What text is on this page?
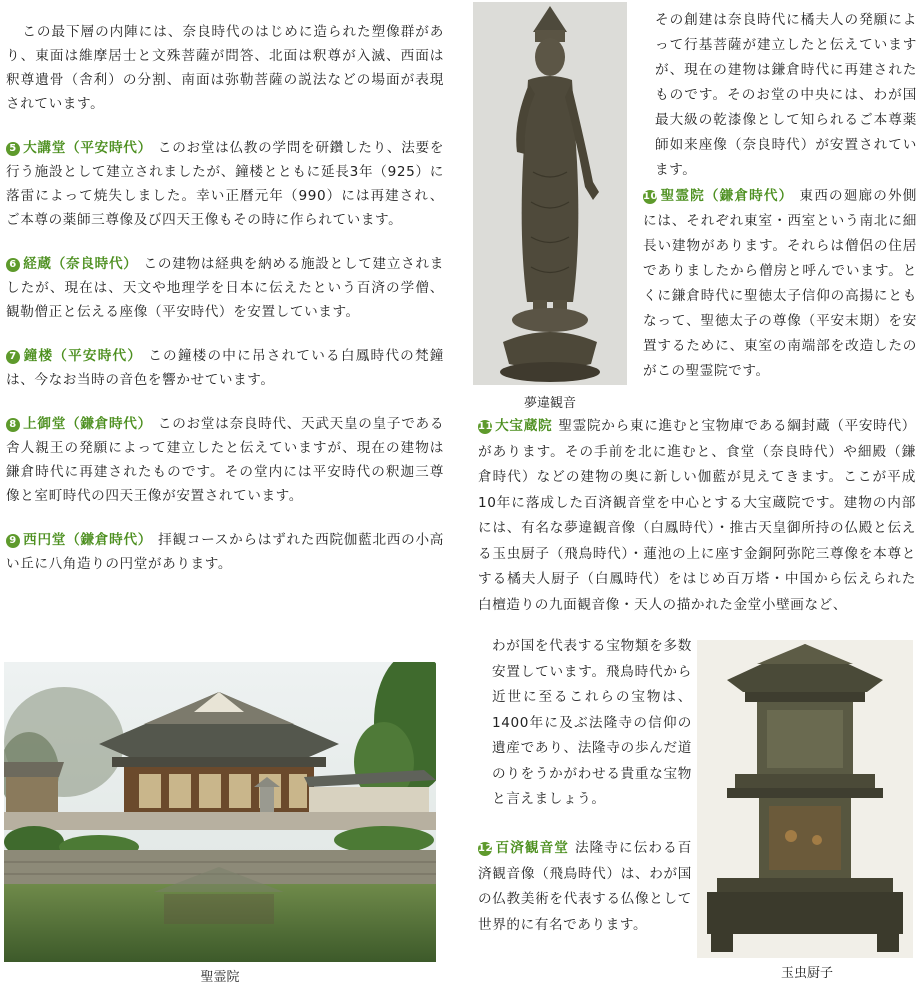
この最下層の内陣には、奈良時代のはじめに造られた塑像群があり、東面は維摩居士と文殊菩薩が問答、北面は釈尊が入滅、西面は釈尊遺骨（舎利）の分割、南面は弥勒菩薩の説法などの場面が表現されています。

5 大講堂（平安時代） このお堂は仏教の学問を研鑽したり、法要を行う施設として建立されましたが、鐘楼とともに延長3年（925）に落雷によって焼失しました。幸い正暦元年（990）には再建され、ご本尊の薬師三尊像及び四天王像もその時に作られています。

6 経蔵（奈良時代） この建物は経典を納める施設として建立されましたが、現在は、天文や地理学を日本に伝えたという百済の学僧、観勒僧正と伝える座像（平安時代）を安置しています。

7 鐘楼（平安時代） この鐘楼の中に吊されている白鳳時代の梵鐘は、今なお当時の音色を響かせています。

8 上御堂（鎌倉時代） このお堂は奈良時代、天武天皇の皇子である舎人親王の発願によって建立したと伝えていますが、現在の建物は鎌倉時代に再建されたものです。その堂内には平安時代の釈迦三尊像と室町時代の四天王像が安置されています。

9 西円堂（鎌倉時代） 拝観コースからはずれた西院伽藍北西の小高い丘に八角造りの円堂があります。

聖霊院
夢違観音

その創建は奈良時代に橘夫人の発願によって行基菩薩が建立したと伝えていますが、現在の建物は鎌倉時代に再建されたものです。そのお堂の中央には、わが国最大級の乾漆像として知られるご本尊薬師如来座像（奈良時代）が安置されています。

10 聖霊院（鎌倉時代） 東西の廻廊の外側には、それぞれ東室・西室という南北に細長い建物があります。それらは僧侶の住居でありましたから僧房と呼んでいます。とくに鎌倉時代に聖徳太子信仰の高揚にともなって、聖徳太子の尊像（平安末期）を安置するために、東室の南端部を改造したのがこの聖霊院です。

11 大宝蔵院 聖霊院から東に進むと宝物庫である綱封蔵（平安時代）があります。その手前を北に進むと、食堂（奈良時代）や細殿（鎌倉時代）などの建物の奥に新しい伽藍が見えてきます。ここが平成10年に落成した百済観音堂を中心とする大宝蔵院です。建物の内部には、有名な夢違観音像（白鳳時代）・推古天皇御所持の仏殿と伝える玉虫厨子（飛鳥時代）・蓮池の上に座す金銅阿弥陀三尊像を本尊とする橘夫人厨子（白鳳時代）をはじめ百万塔・中国から伝えられた白檀造りの九面観音像・天人の描かれた金堂小壁画など、

わが国を代表する宝物類を多数安置しています。飛鳥時代から近世に至るこれらの宝物は、1400年に及ぶ法隆寺の信仰の遺産であり、法隆寺の歩んだ道のりをうかがわせる貴重な宝物と言えましょう。

12 百済観音堂 法隆寺に伝わる百済観音像（飛鳥時代）は、わが国の仏教美術を代表する仏像として世界的に有名であります。

玉虫厨子
